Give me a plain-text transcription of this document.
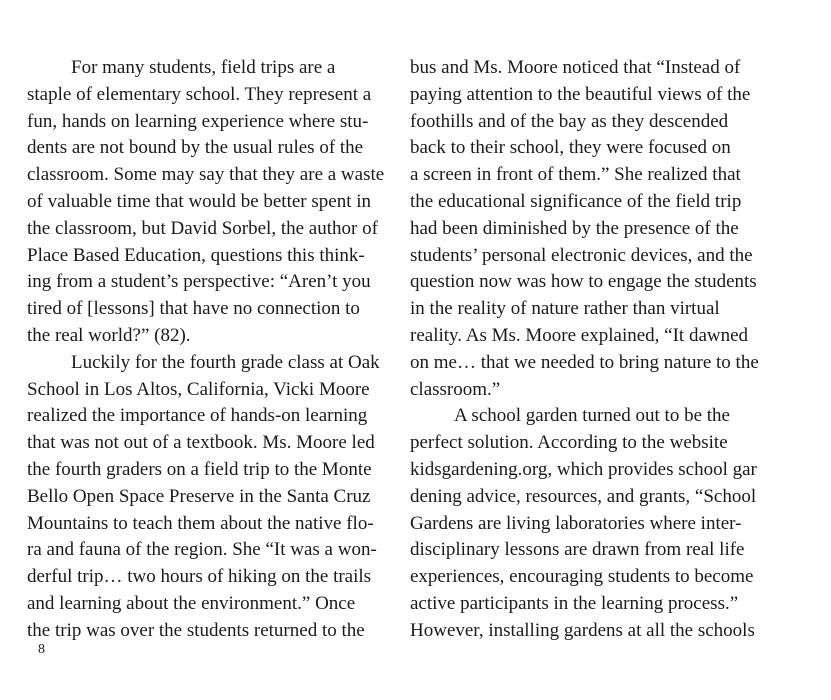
For many students, field trips are a
staple of elementary school. They represent a
fun, hands on learning experience where stu-
dents are not bound by the usual rules of the
classroom. Some may say that they are a waste
of valuable time that would be better spent in
the classroom, but David Sorbel, the author of
Place Based Education, questions this think-
ing from a student’s perspective: “Aren’t you
tired of [lessons] that have no connection to
the real world?” (82).
Luckily for the fourth grade class at Oak
School in Los Altos, California, Vicki Moore
realized the importance of hands-on learning
that was not out of a textbook. Ms. Moore led
the fourth graders on a field trip to the Monte
Bello Open Space Preserve in the Santa Cruz
Mountains to teach them about the native flo-
ra and fauna of the region. She “It was a won-
derful trip… two hours of hiking on the trails
and learning about the environment.” Once
the trip was over the students returned to the
bus and Ms. Moore noticed that “Instead of
paying attention to the beautiful views of the
foothills and of the bay as they descended
back to their school, they were focused on
a screen in front of them.” She realized that
the educational significance of the field trip
had been diminished by the presence of the
students’ personal electronic devices, and the
question now was how to engage the students
in the reality of nature rather than virtual
reality. As Ms. Moore explained, “It dawned
on me… that we needed to bring nature to the
classroom.”
A school garden turned out to be the
perfect solution. According to the website
kidsgardening.org, which provides school gar
dening advice, resources, and grants, “School
Gardens are living laboratories where inter-
disciplinary lessons are drawn from real life
experiences, encouraging students to become
active participants in the learning process.”
However, installing gardens at all the schools
8
